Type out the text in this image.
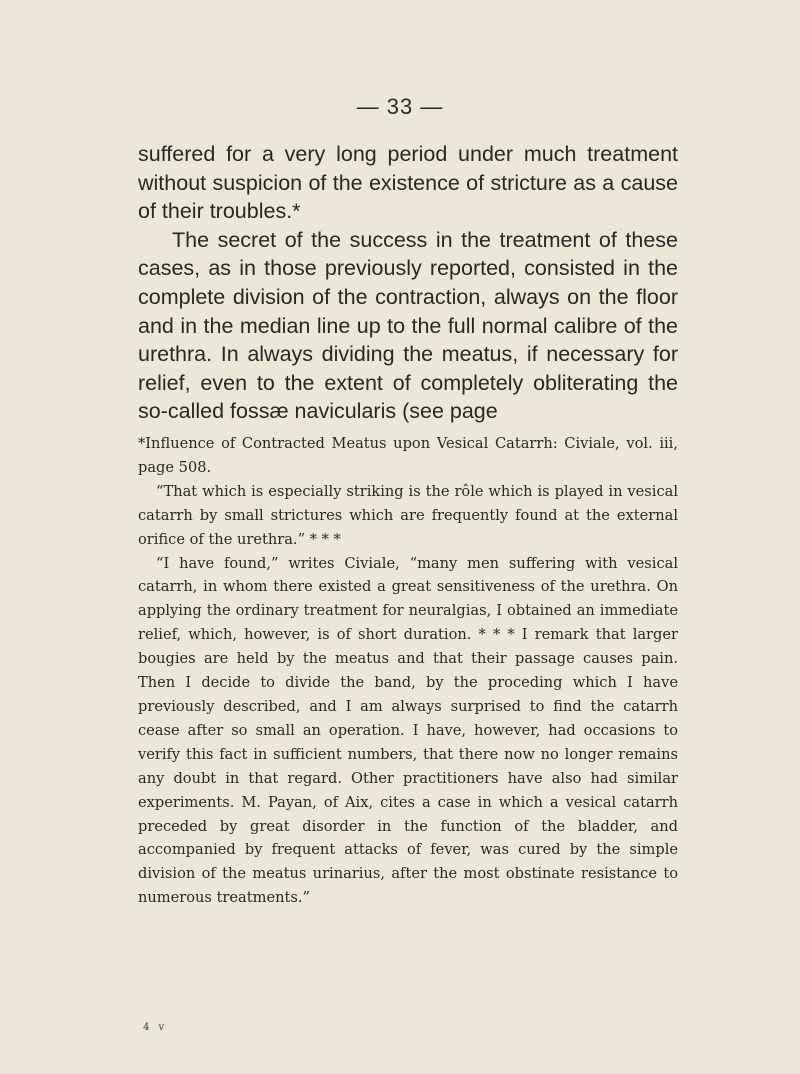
— 33 —

suffered for a very long period under much treatment without suspicion of the existence of stricture as a cause of their troubles.*

The secret of the success in the treatment of these cases, as in those previously reported, consisted in the complete division of the contraction, always on the floor and in the median line up to the full normal calibre of the urethra. In always dividing the meatus, if necessary for relief, even to the extent of completely obliterating the so-called fossæ navicularis (see page

*Influence of Contracted Meatus upon Vesical Catarrh: Civiale, vol. iii, page 508.

“That which is especially striking is the rôle which is played in vesical catarrh by small strictures which are frequently found at the external orifice of the urethra.” * * *

“I have found,” writes Civiale, “many men suffering with vesical catarrh, in whom there existed a great sensitiveness of the urethra. On applying the ordinary treatment for neuralgias, I obtained an immediate relief, which, however, is of short duration. * * * I remark that larger bougies are held by the meatus and that their passage causes pain. Then I decide to divide the band, by the proceding which I have previously described, and I am always surprised to find the catarrh cease after so small an operation. I have, however, had occasions to verify this fact in sufficient numbers, that there now no longer remains any doubt in that regard. Other practitioners have also had similar experiments. M. Payan, of Aix, cites a case in which a vesical catarrh preceded by great disorder in the function of the bladder, and accompanied by frequent attacks of fever, was cured by the simple division of the meatus urinarius, after the most obstinate resistance to numerous treatments.”

4 v
